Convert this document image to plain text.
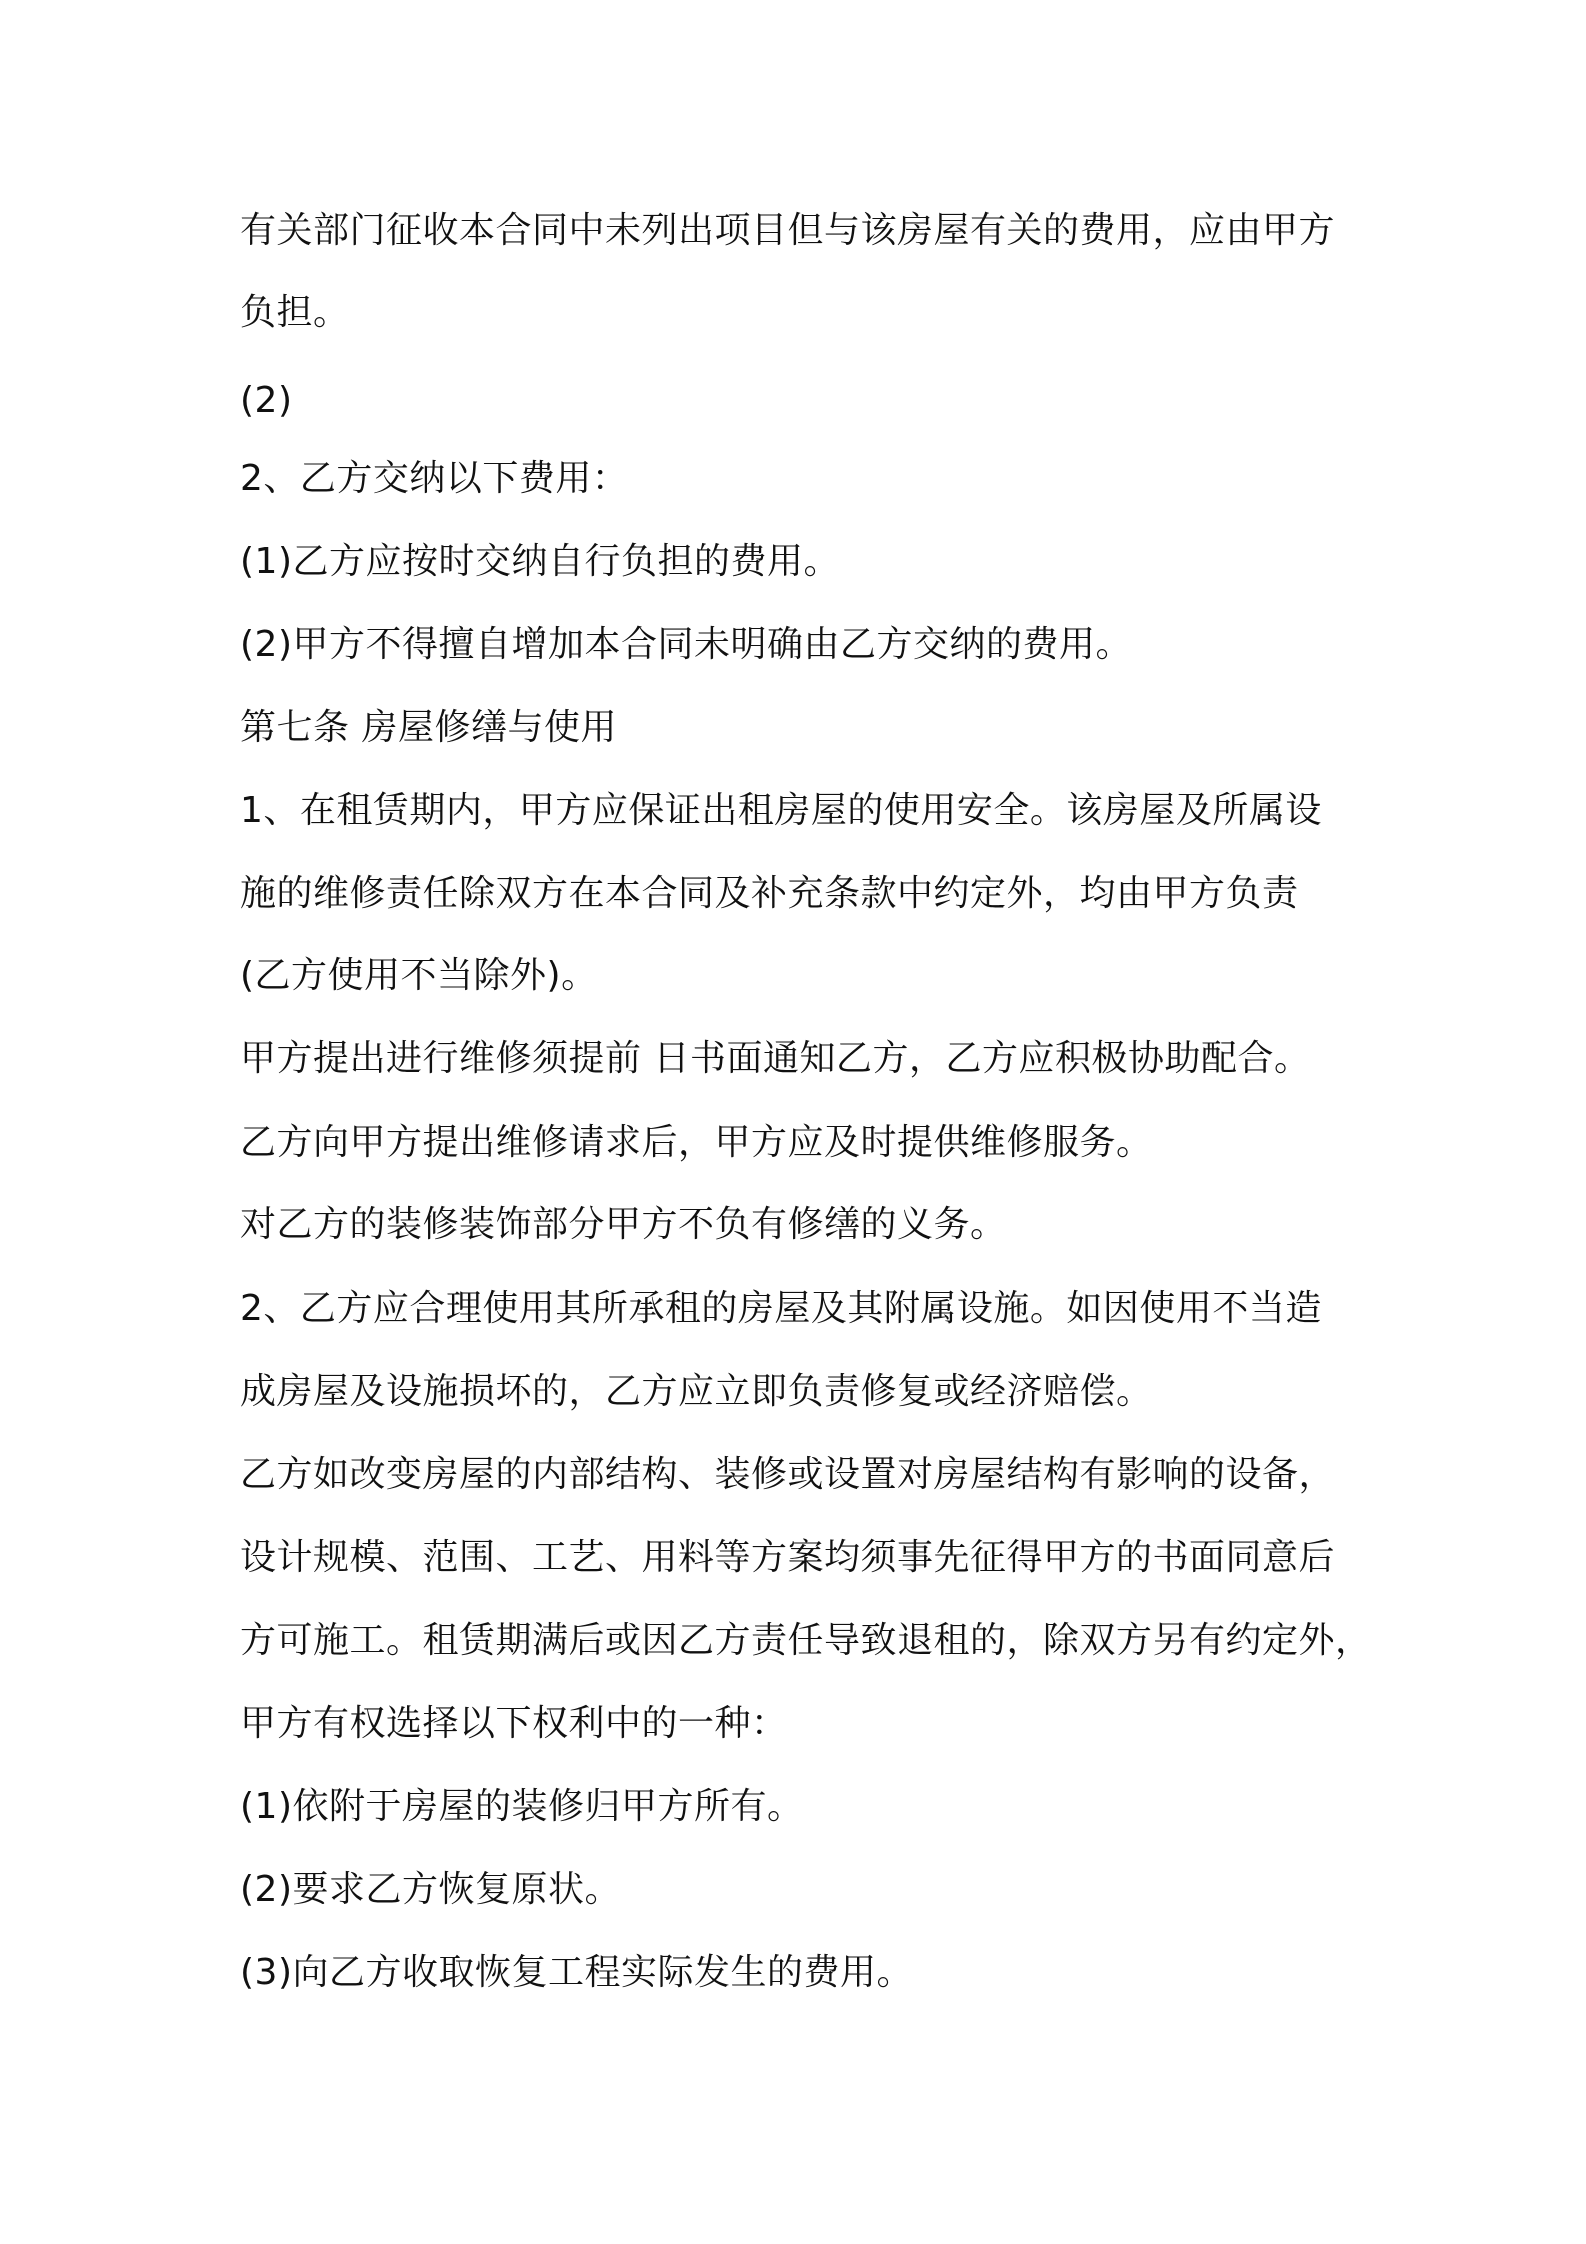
有关部门征收本合同中未列出项目但与该房屋有关的费用，应由甲方
负担。
(2)
2、乙方交纳以下费用：
(1)乙方应按时交纳自行负担的费用。
(2)甲方不得擅自增加本合同未明确由乙方交纳的费用。
第七条 房屋修缮与使用
1、在租赁期内，甲方应保证出租房屋的使用安全。该房屋及所属设
施的维修责任除双方在本合同及补充条款中约定外，均由甲方负责
(乙方使用不当除外)。
甲方提出进行维修须提前 日书面通知乙方，乙方应积极协助配合。
乙方向甲方提出维修请求后，甲方应及时提供维修服务。
对乙方的装修装饰部分甲方不负有修缮的义务。
2、乙方应合理使用其所承租的房屋及其附属设施。如因使用不当造
成房屋及设施损坏的，乙方应立即负责修复或经济赔偿。
乙方如改变房屋的内部结构、装修或设置对房屋结构有影响的设备，
设计规模、范围、工艺、用料等方案均须事先征得甲方的书面同意后
方可施工。租赁期满后或因乙方责任导致退租的，除双方另有约定外，
甲方有权选择以下权利中的一种：
(1)依附于房屋的装修归甲方所有。
(2)要求乙方恢复原状。
(3)向乙方收取恢复工程实际发生的费用。
